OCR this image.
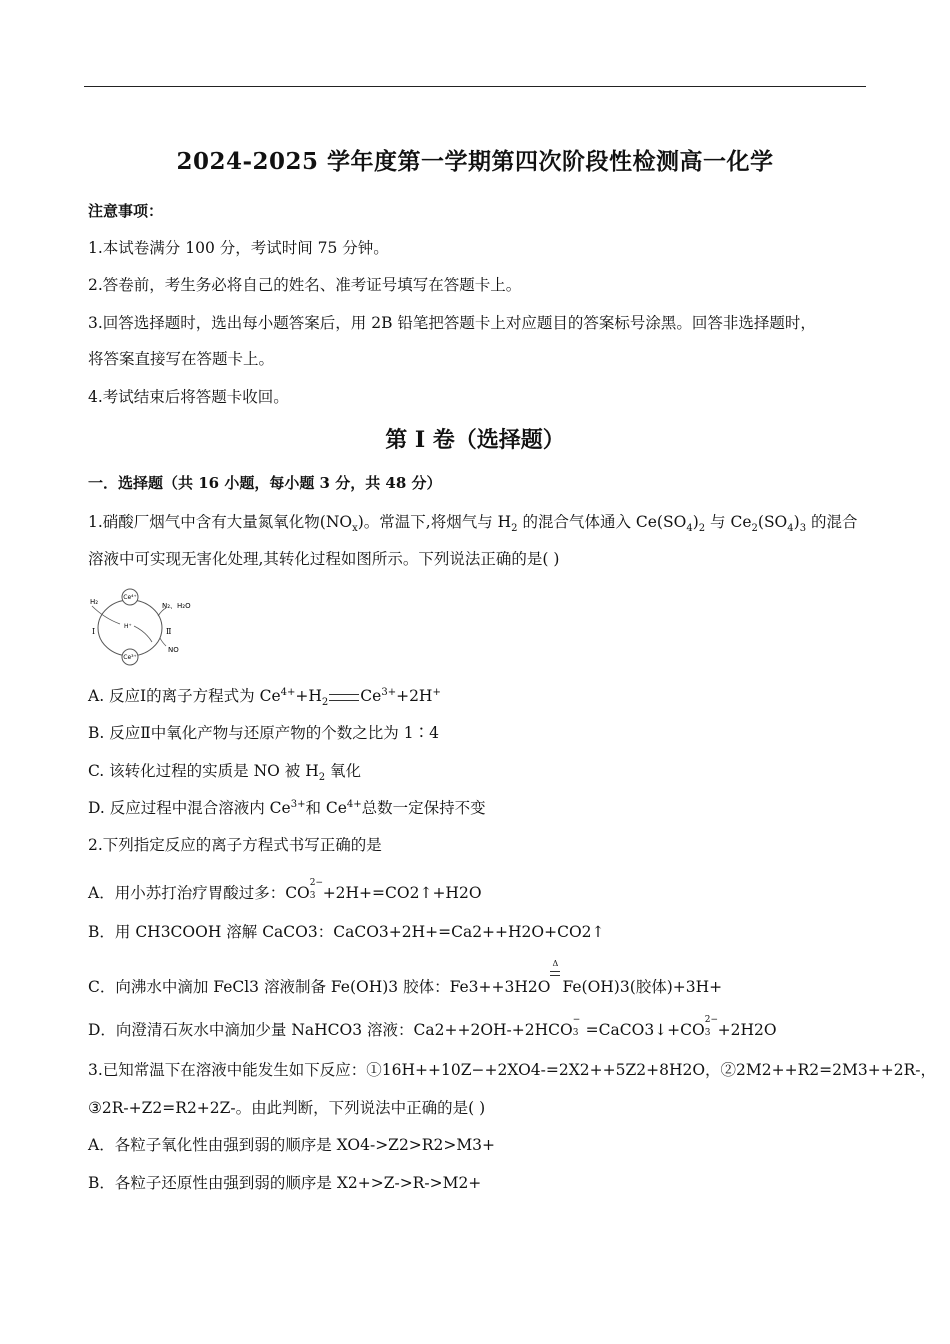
2024-2025 学年度第一学期第四次阶段性检测高一化学
注意事项：
1.本试卷满分 100 分，考试时间 75 分钟。
2.答卷前，考生务必将自己的姓名、准考证号填写在答题卡上。
3.回答选择题时，选出每小题答案后，用 2B 铅笔把答题卡上对应题目的答案标号涂黑。回答非选择题时，
将答案直接写在答题卡上。
4.考试结束后将答题卡收回。
第 I 卷（选择题）
一．选择题（共 16 小题，每小题 3 分，共 48 分）
1.硝酸厂烟气中含有大量氮氧化物$(NO_x)$。常温下,将烟气与 $H_2$ 的混合气体通入 $Ce(SO_4)_2$ 与 $Ce_2(SO_4)_3$ 的混合
溶液中可实现无害化处理,其转化过程如图所示。下列说法正确的是( )
Ce⁴⁺
Ce³⁺
H₂
H⁺
N₂、H₂O
NO
Ⅰ	Ⅱ
A. 反应Ⅰ的离子方程式为 $Ce^{4+}+H_2$ $Ce^{3+}+2H^+$
B. 反应Ⅱ中氧化产物与还原产物的个数之比为 1∶4
C. 该转化过程的实质是 NO 被 $H_2$ 氧化
D. 反应过程中混合溶液内 $Ce^{3+}$和 $Ce^{4+}$总数一定保持不变
2.下列指定反应的离子方程式书写正确的是
A．用小苏打治疗胃酸过多：CO
2−
3 +2H+=CO2↑+H2O
B．用 CH3COOH 溶解 CaCO3：CaCO3+2H+=Ca2++H2O+CO2↑
C．向沸水中滴加 FeCl3 溶液制备 Fe(OH)3 胶体：Fe3++3H2O
Δ
Fe(OH)3(胶体)+3H+
D．向澄清石灰水中滴加少量 NaHCO3 溶液：Ca2++2OH-+2HCO
−
3 =CaCO3↓+CO
2−
3 +2H2O
3.已知常温下在溶液中能发生如下反应：①16H++10Z−+2XO4-=2X2++5Z2+8H2O，②2M2++R2=2M3++2R-，
③2R-+Z2=R2+2Z-。由此判断，下列说法中正确的是( )
A．各粒子氧化性由强到弱的顺序是 XO4->Z2>R2>M3+
B．各粒子还原性由强到弱的顺序是 X2+>Z->R->M2+
